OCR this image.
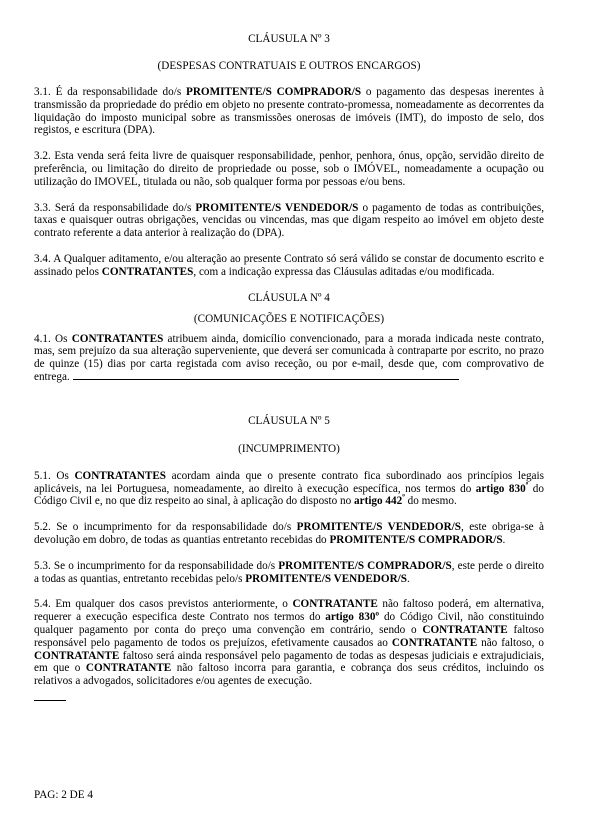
CLÁUSULA Nº 3

(DESPESAS CONTRATUAIS E OUTROS ENCARGOS)

3.1. É da responsabilidade do/s PROMITENTE/S COMPRADOR/S o pagamento das despesas inerentes à transmissão da propriedade do prédio em objeto no presente contrato-promessa, nomeadamente as decorrentes da liquidação do imposto municipal sobre as transmissões onerosas de imóveis (IMT), do imposto de selo, dos registos, e escritura (DPA).

3.2. Esta venda será feita livre de quaisquer responsabilidade, penhor, penhora, ónus, opção, servidão direito de preferência, ou limitação do direito de propriedade ou posse, sob o IMÓVEL, nomeadamente a ocupação ou utilização do IMOVEL, titulada ou não, sob qualquer forma por pessoas e/ou bens.

3.3. Será da responsabilidade do/s PROMITENTE/S VENDEDOR/S o pagamento de todas as contribuições, taxas e quaisquer outras obrigações, vencidas ou vincendas, mas que digam respeito ao imóvel em objeto deste contrato referente a data anterior à realização do (DPA).

3.4. A Qualquer aditamento, e/ou alteração ao presente Contrato só será válido se constar de documento escrito e assinado pelos CONTRATANTES, com a indicação expressa das Cláusulas aditadas e/ou modificada.

CLÁUSULA Nº 4

(COMUNICAÇÕES E NOTIFICAÇÕES)

4.1. Os CONTRATANTES atribuem ainda, domicílio convencionado, para a morada indicada neste contrato, mas, sem prejuízo da sua alteração superveniente, que deverá ser comunicada à contraparte por escrito, no prazo de quinze (15) dias por carta registada com aviso receção, ou por e-mail, desde que, com comprovativo de entrega.

CLÁUSULA Nº 5

(INCUMPRIMENTO)

5.1. Os CONTRATANTES acordam ainda que o presente contrato fica subordinado aos princípios legais aplicáveis, na lei Portuguesa, nomeadamente, ao direito à execução específica, nos termos do artigo $830^º$ do Código Civil e, no que diz respeito ao sinal, à aplicação do disposto no artigo $442^º$ do mesmo.

5.2. Se o incumprimento for da responsabilidade do/s PROMITENTE/S VENDEDOR/S, este obriga-se à devolução em dobro, de todas as quantias entretanto recebidas do PROMITENTE/S COMPRADOR/S.

5.3. Se o incumprimento for da responsabilidade do/s PROMITENTE/S COMPRADOR/S, este perde o direito a todas as quantias, entretanto recebidas pelo/s PROMITENTE/S VENDEDOR/S.

5.4. Em qualquer dos casos previstos anteriormente, o CONTRATANTE não faltoso poderá, em alternativa, requerer a execução especifica deste Contrato nos termos do artigo 830º do Código Civil, não constituindo qualquer pagamento por conta do preço uma convenção em contrário, sendo o CONTRATANTE faltoso responsável pelo pagamento de todos os prejuízos, efetivamente causados ao CONTRATANTE não faltoso, o CONTRATANTE faltoso será ainda responsável pelo pagamento de todas as despesas judiciais e extrajudiciais, em que o CONTRATANTE não faltoso incorra para garantia, e cobrança dos seus créditos, incluindo os relativos a advogados, solicitadores e/ou agentes de execução.

PAG: 2 DE 4
